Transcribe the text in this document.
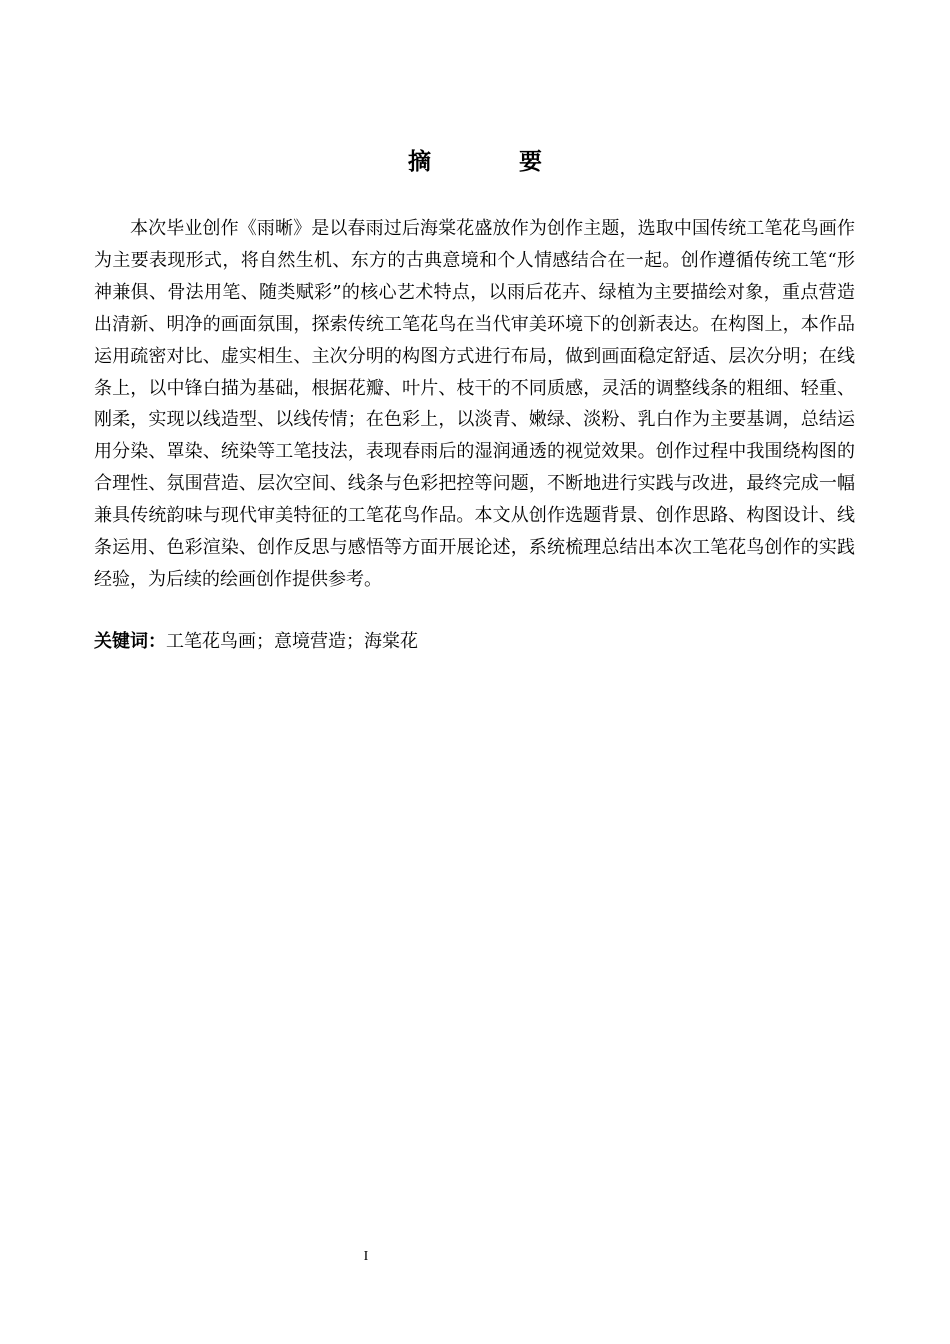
摘 要

本次毕业创作《雨晰》是以春雨过后海棠花盛放作为创作主题，选取中国传统工笔花鸟画作为主要表现形式，将自然生机、东方的古典意境和个人情感结合在一起。创作遵循传统工笔“形神兼俱、骨法用笔、随类赋彩”的核心艺术特点，以雨后花卉、绿植为主要描绘对象，重点营造出清新、明净的画面氛围，探索传统工笔花鸟在当代审美环境下的创新表达。在构图上，本作品运用疏密对比、虚实相生、主次分明的构图方式进行布局，做到画面稳定舒适、层次分明；在线条上，以中锋白描为基础，根据花瓣、叶片、枝干的不同质感，灵活的调整线条的粗细、轻重、刚柔，实现以线造型、以线传情；在色彩上，以淡青、嫩绿、淡粉、乳白作为主要基调，总结运用分染、罩染、统染等工笔技法，表现春雨后的湿润通透的视觉效果。创作过程中我围绕构图的合理性、氛围营造、层次空间、线条与色彩把控等问题，不断地进行实践与改进，最终完成一幅兼具传统韵味与现代审美特征的工笔花鸟作品。本文从创作选题背景、创作思路、构图设计、线条运用、色彩渲染、创作反思与感悟等方面开展论述，系统梳理总结出本次工笔花鸟创作的实践经验，为后续的绘画创作提供参考。

关键词：工笔花鸟画；意境营造；海棠花

I
